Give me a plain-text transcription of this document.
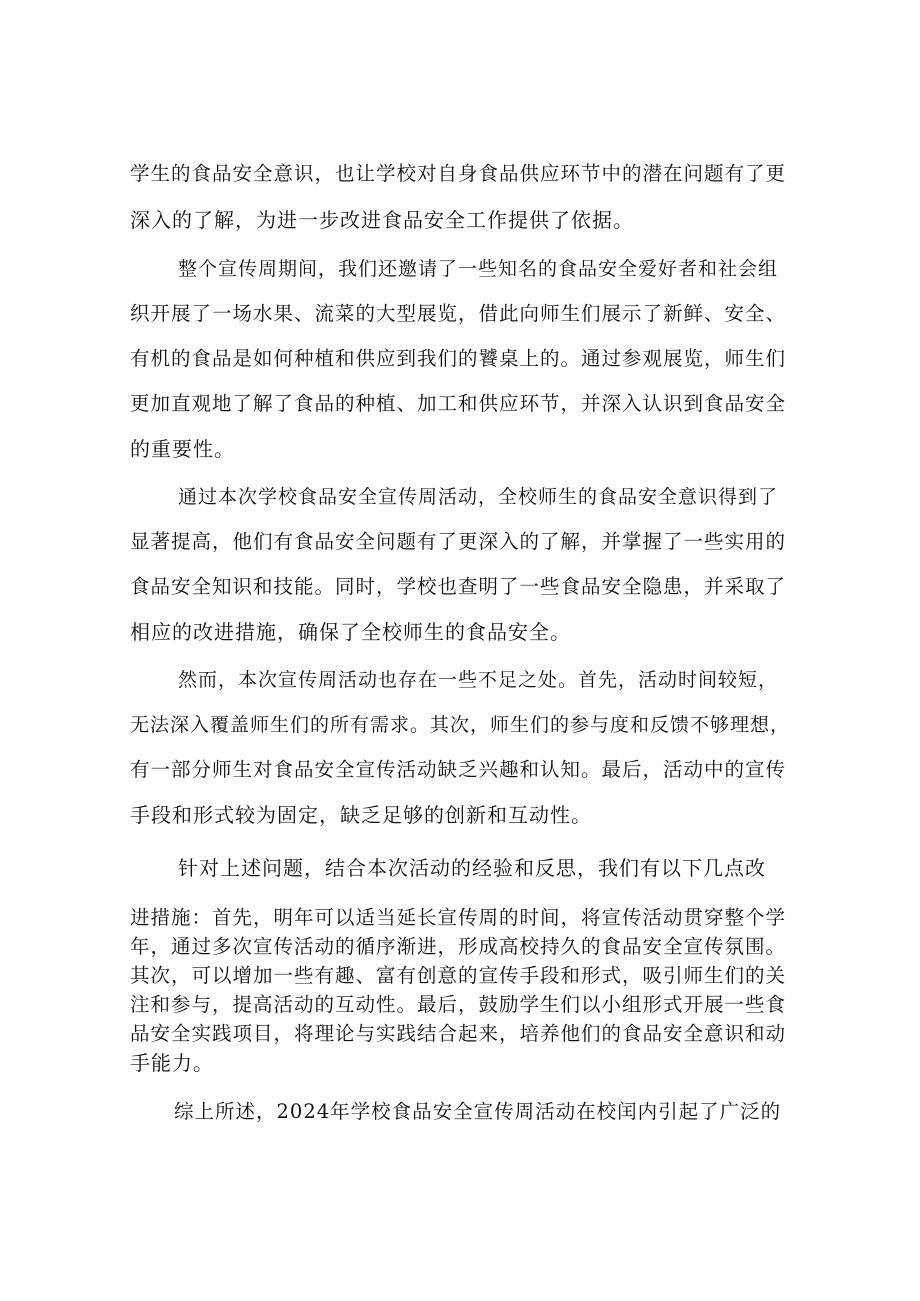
学生的食品安全意识，也让学校对自身食品供应环节中的潜在问题有了更
深入的了解，为进一步改进食品安全工作提供了依据。
整个宣传周期间，我们还邀请了一些知名的食品安全爱好者和社会组
织开展了一场水果、流菜的大型展览，借此向师生们展示了新鲜、安全、
有机的食品是如何种植和供应到我们的饕桌上的。通过参观展览，师生们
更加直观地了解了食品的种植、加工和供应环节，并深入认识到食品安全
的重要性。
通过本次学校食品安全宣传周活动，全校师生的食品安全意识得到了
显著提高，他们有食品安全问题有了更深入的了解，并掌握了一些实用的
食品安全知识和技能。同时，学校也查明了一些食品安全隐患，并采取了
相应的改进措施，确保了全校师生的食品安全。
然而，本次宣传周活动也存在一些不足之处。首先，活动时间较短，
无法深入覆盖师生们的所有需求。其次，师生们的参与度和反馈不够理想，
有一部分师生对食品安全宣传活动缺乏兴趣和认知。最后，活动中的宣传
手段和形式较为固定，缺乏足够的创新和互动性。
针对上述问题，结合本次活动的经验和反思，我们有以下几点改
进措施：首先，明年可以适当延长宣传周的时间，将宣传活动贯穿整个学
年，通过多次宣传活动的循序渐进，形成高校持久的食品安全宣传氛围。
其次，可以增加一些有趣、富有创意的宣传手段和形式，吸引师生们的关
注和参与，提高活动的互动性。最后，鼓励学生们以小组形式开展一些食
品安全实践项目，将理论与实践结合起来，培养他们的食品安全意识和动
手能力。
综上所述，2024年学校食品安全宣传周活动在校闰内引起了广泛的
